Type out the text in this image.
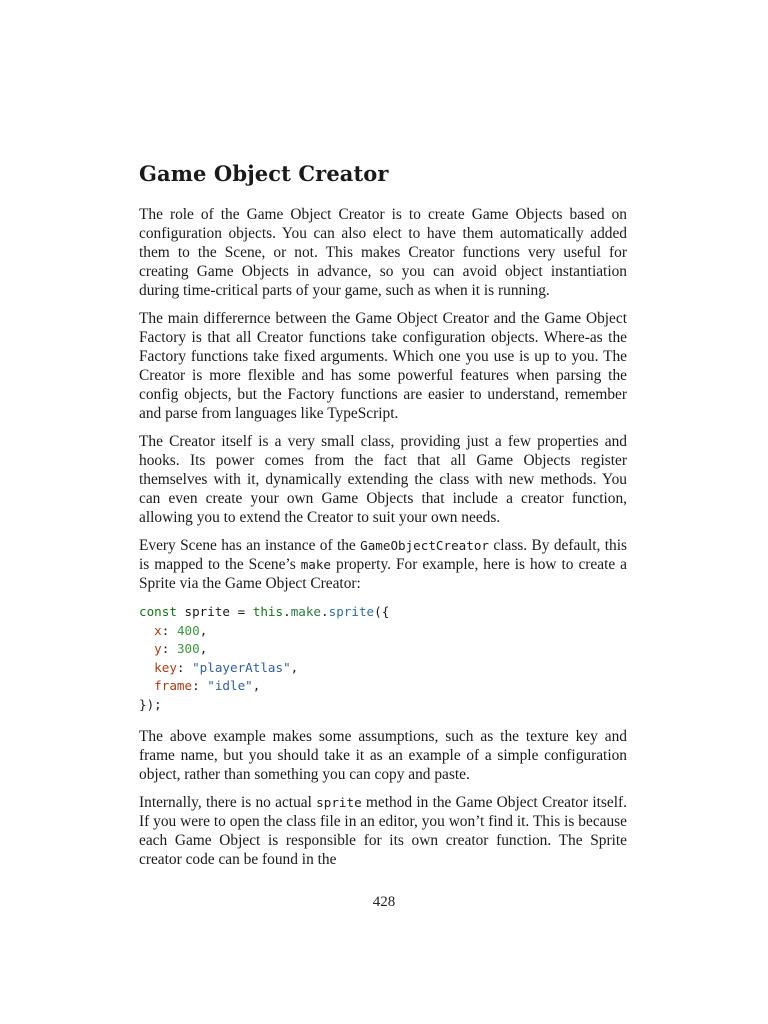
Game Object Creator

The role of the Game Object Creator is to create Game Objects based on configuration objects. You can also elect to have them automatically added them to the Scene, or not. This makes Creator functions very useful for creating Game Objects in advance, so you can avoid object instantiation during time-critical parts of your game, such as when it is running.

The main differernce between the Game Object Creator and the Game Object Factory is that all Creator functions take configuration objects. Where-as the Factory functions take fixed arguments. Which one you use is up to you. The Creator is more flexible and has some powerful features when parsing the config objects, but the Factory functions are easier to understand, remember and parse from languages like TypeScript.

The Creator itself is a very small class, providing just a few properties and hooks. Its power comes from the fact that all Game Objects register themselves with it, dynamically extending the class with new methods. You can even create your own Game Objects that include a creator function, allowing you to extend the Creator to suit your own needs.

Every Scene has an instance of the GameObjectCreator class. By default, this is mapped to the Scene’s make property. For example, here is how to create a Sprite via the Game Object Creator:

const sprite = this.make.sprite({
x: 400,
y: 300,
key: "playerAtlas",
frame: "idle",
});

The above example makes some assumptions, such as the texture key and frame name, but you should take it as an example of a simple configuration object, rather than something you can copy and paste.

Internally, there is no actual sprite method in the Game Object Creator itself. If you were to open the class file in an editor, you won’t find it. This is because each Game Object is responsible for its own creator function. The Sprite creator code can be found in the

428
